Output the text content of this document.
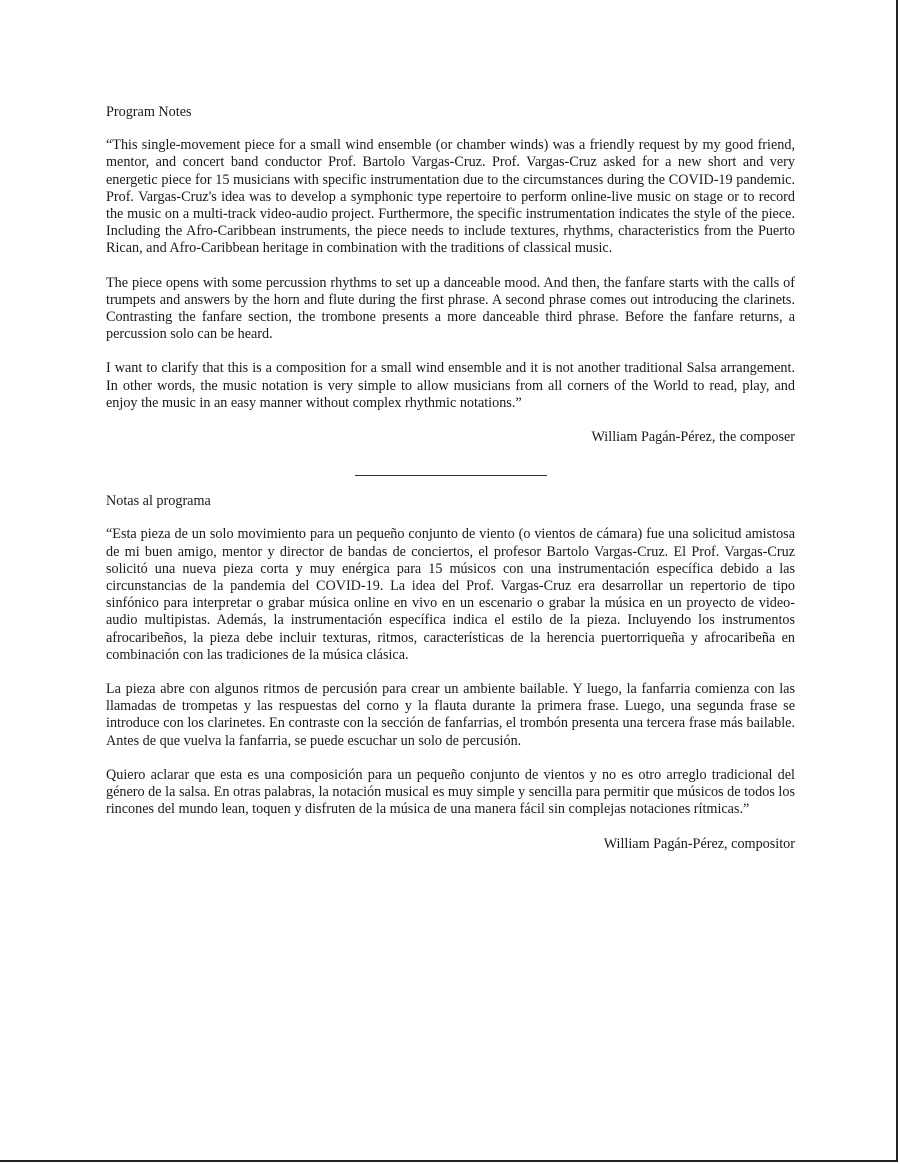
Program Notes

“This single-movement piece for a small wind ensemble (or chamber winds) was a friendly request by my good friend, mentor, and concert band conductor Prof. Bartolo Vargas-Cruz. Prof. Vargas-Cruz asked for a new short and very energetic piece for 15 musicians with specific instrumentation due to the circumstances during the COVID-19 pandemic. Prof. Vargas-Cruz's idea was to develop a symphonic type repertoire to perform online-live music on stage or to record the music on a multi-track video-audio project. Furthermore, the specific instrumentation indicates the style of the piece. Including the Afro-Caribbean instruments, the piece needs to include textures, rhythms, characteristics from the Puerto Rican, and Afro-Caribbean heritage in combination with the traditions of classical music.

The piece opens with some percussion rhythms to set up a danceable mood. And then, the fanfare starts with the calls of trumpets and answers by the horn and flute during the first phrase. A second phrase comes out introducing the clarinets. Contrasting the fanfare section, the trombone presents a more danceable third phrase. Before the fanfare returns, a percussion solo can be heard.

I want to clarify that this is a composition for a small wind ensemble and it is not another traditional Salsa arrangement. In other words, the music notation is very simple to allow musicians from all corners of the World to read, play, and enjoy the music in an easy manner without complex rhythmic notations.”

William Pagán-Pérez, the composer

Notas al programa

“Esta pieza de un solo movimiento para un pequeño conjunto de viento (o vientos de cámara) fue una solicitud amistosa de mi buen amigo, mentor y director de bandas de conciertos, el profesor Bartolo Vargas-Cruz. El Prof. Vargas-Cruz solicitó una nueva pieza corta y muy enérgica para 15 músicos con una instrumentación específica debido a las circunstancias de la pandemia del COVID-19. La idea del Prof. Vargas-Cruz era desarrollar un repertorio de tipo sinfónico para interpretar o grabar música online en vivo en un escenario o grabar la música en un proyecto de video-audio multipistas. Además, la instrumentación específica indica el estilo de la pieza. Incluyendo los instrumentos afrocaribeños, la pieza debe incluir texturas, ritmos, características de la herencia puertorriqueña y afrocaribeña en combinación con las tradiciones de la música clásica.

La pieza abre con algunos ritmos de percusión para crear un ambiente bailable. Y luego, la fanfarria comienza con las llamadas de trompetas y las respuestas del corno y la flauta durante la primera frase. Luego, una segunda frase se introduce con los clarinetes. En contraste con la sección de fanfarrias, el trombón presenta una tercera frase más bailable. Antes de que vuelva la fanfarria, se puede escuchar un solo de percusión.

Quiero aclarar que esta es una composición para un pequeño conjunto de vientos y no es otro arreglo tradicional del género de la salsa. En otras palabras, la notación musical es muy simple y sencilla para permitir que músicos de todos los rincones del mundo lean, toquen y disfruten de la música de una manera fácil sin complejas notaciones rítmicas.”

William Pagán-Pérez, compositor
